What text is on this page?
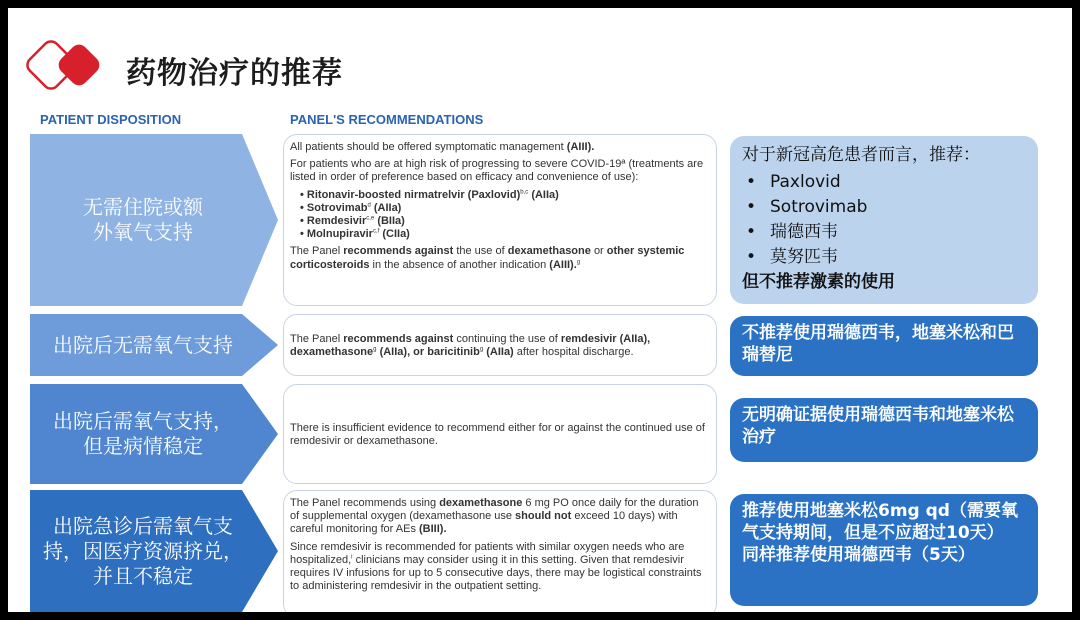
药物治疗的推荐
PATIENT DISPOSITION	PANEL'S RECOMMENDATIONS
无需住院或额
外氧气支持

All patients should be offered symptomatic management (AIII).

For patients who are at high risk of progressing to severe COVID-19ª (treatments are listed in order of preference based on efficacy and convenience of use):

• Ritonavir-boosted nirmatrelvir (Paxlovid)$^{b,c}$ (AIIa)
• Sotrovimab$^d$ (AIIa)
• Remdesivir$^{c,e}$ (BIIa)
• Molnupiravir$^{c,f}$ (CIIa)

The Panel recommends against the use of dexamethasone or other systemic corticosteroids in the absence of another indication (AIII).$^g$

对于新冠高危患者而言，推荐：
• Paxlovid
• Sotrovimab
• 瑞德西韦
• 莫努匹韦
但不推荐激素的使用
出院后无需氧气支持	The Panel recommends against continuing the use of remdesivir (AIIa), dexamethasone$^g$ (AIIa), or baricitinib$^g$ (AIIa) after hospital discharge.
不推荐使用瑞德西韦，地塞米松和巴瑞替尼
出院后需氧气支持，
但是病情稳定
There is insufficient evidence to recommend either for or against the continued use of remdesivir or dexamethasone.
无明确证据使用瑞德西韦和地塞米松治疗
出院急诊后需氧气支
持，因医疗资源挤兑，
并且不稳定

The Panel recommends using dexamethasone 6 mg PO once daily for the duration of supplemental oxygen (dexamethasone use should not exceed 10 days) with careful monitoring for AEs (BIII).

Since remdesivir is recommended for patients with similar oxygen needs who are hospitalized,$^i$ clinicians may consider using it in this setting. Given that remdesivir requires IV infusions for up to 5 consecutive days, there may be logistical constraints to administering remdesivir in the outpatient setting.

推荐使用地塞米松6mg qd（需要氧气支持期间，但是不应超过10天）
同样推荐使用瑞德西韦（5天）
